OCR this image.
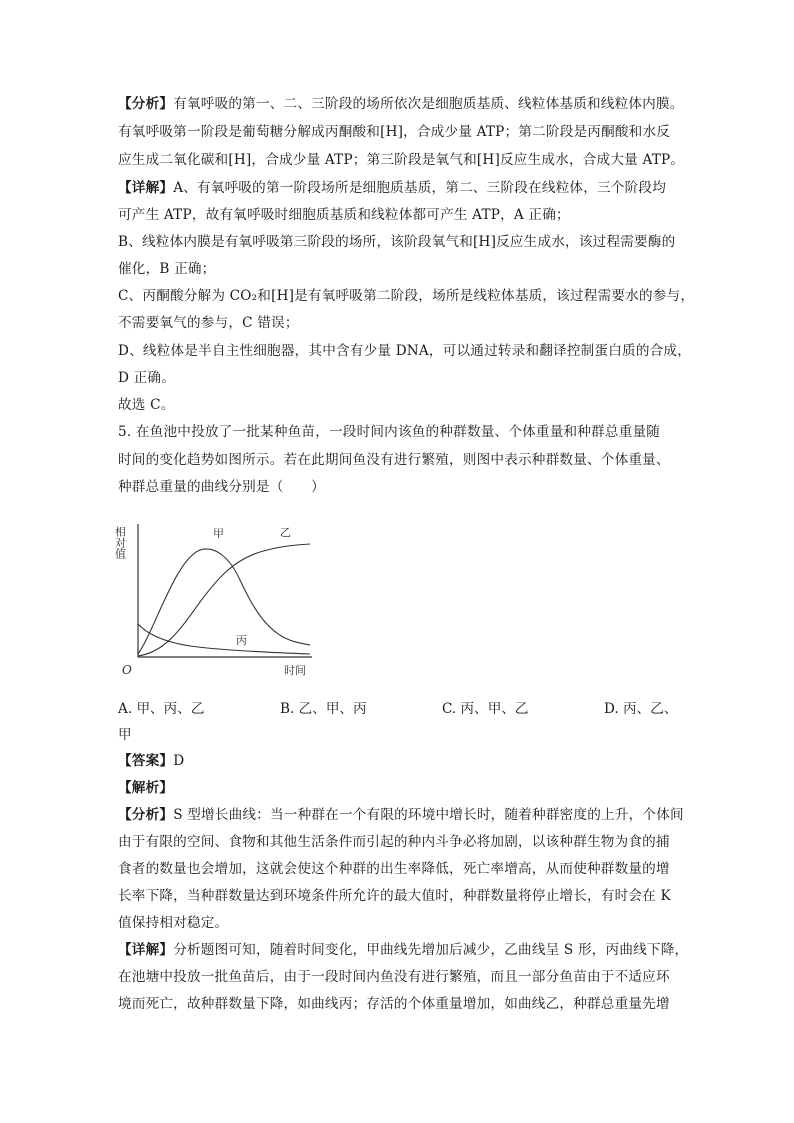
【分析】有氧呼吸的第一、二、三阶段的场所依次是细胞质基质、线粒体基质和线粒体内膜。
有氧呼吸第一阶段是葡萄糖分解成丙酮酸和[H]，合成少量 ATP；第二阶段是丙酮酸和水反
应生成二氧化碳和[H]，合成少量 ATP；第三阶段是氧气和[H]反应生成水，合成大量 ATP。
【详解】A、有氧呼吸的第一阶段场所是细胞质基质，第二、三阶段在线粒体，三个阶段均
可产生 ATP，故有氧呼吸时细胞质基质和线粒体都可产生 ATP，A 正确；
B、线粒体内膜是有氧呼吸第三阶段的场所，该阶段氧气和[H]反应生成水，该过程需要酶的
催化，B 正确；
C、丙酮酸分解为 CO₂和[H]是有氧呼吸第二阶段，场所是线粒体基质，该过程需要水的参与，
不需要氧气的参与，C 错误；
D、线粒体是半自主性细胞器，其中含有少量 DNA，可以通过转录和翻译控制蛋白质的合成，
D 正确。
故选 C。
5. 在鱼池中投放了一批某种鱼苗，一段时间内该鱼的种群数量、个体重量和种群总重量随
时间的变化趋势如图所示。若在此期间鱼没有进行繁殖，则图中表示种群数量、个体重量、
种群总重量的曲线分别是（　　）
相对值	甲	乙
丙
O	时间
A. 甲、丙、乙	B. 乙、甲、丙	C. 丙、甲、乙	D. 丙、乙、
甲
【答案】D
【解析】
【分析】S 型增长曲线：当一种群在一个有限的环境中增长时，随着种群密度的上升，个体间
由于有限的空间、食物和其他生活条件而引起的种内斗争必将加剧，以该种群生物为食的捕
食者的数量也会增加，这就会使这个种群的出生率降低，死亡率增高，从而使种群数量的增
长率下降，当种群数量达到环境条件所允许的最大值时，种群数量将停止增长，有时会在 K
值保持相对稳定。
【详解】分析题图可知，随着时间变化，甲曲线先增加后减少，乙曲线呈 S 形，丙曲线下降，
在池塘中投放一批鱼苗后，由于一段时间内鱼没有进行繁殖，而且一部分鱼苗由于不适应环
境而死亡，故种群数量下降，如曲线丙；存活的个体重量增加，如曲线乙，种群总重量先增
